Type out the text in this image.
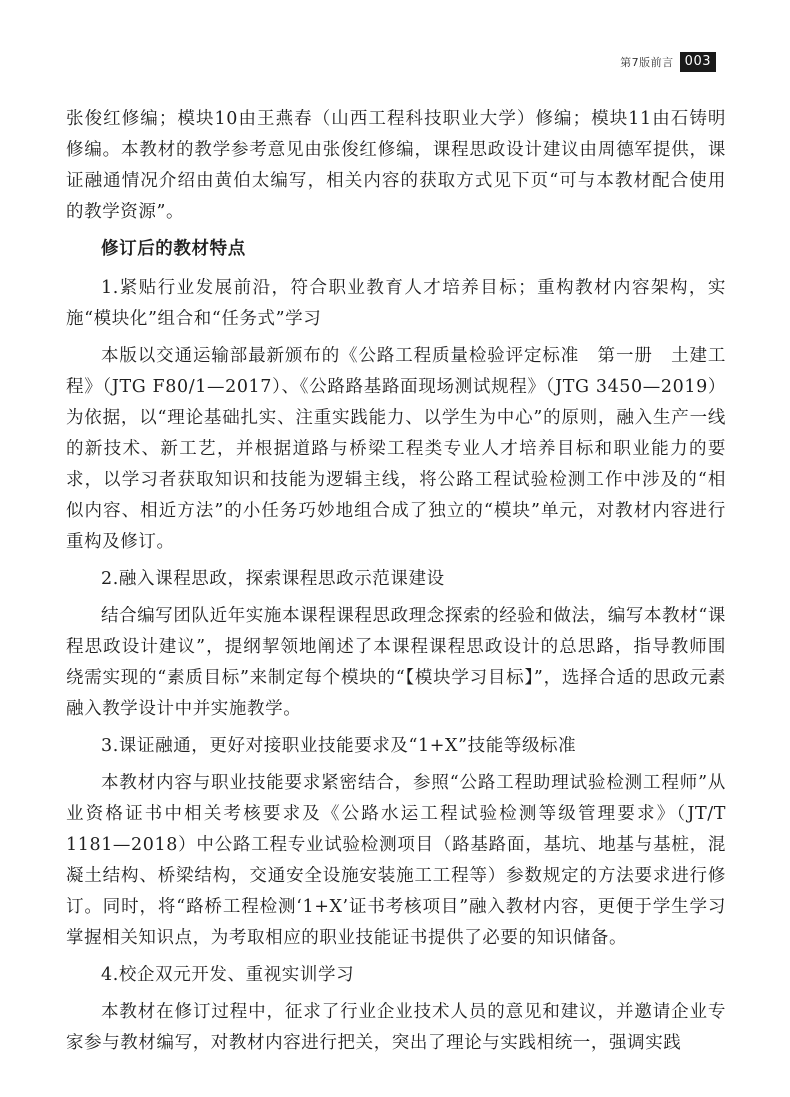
第7版前言 003

张俊红修编；模块10由王燕春（山西工程科技职业大学）修编；模块11由石铸明修编。本教材的教学参考意见由张俊红修编，课程思政设计建议由周德军提供，课证融通情况介绍由黄伯太编写，相关内容的获取方式见下页“可与本教材配合使用的教学资源”。

修订后的教材特点

1.紧贴行业发展前沿，符合职业教育人才培养目标；重构教材内容架构，实施“模块化”组合和“任务式”学习

本版以交通运输部最新颁布的《公路工程质量检验评定标准　第一册　土建工程》（JTG F80/1—2017）、《公路路基路面现场测试规程》（JTG 3450—2019）为依据，以“理论基础扎实、注重实践能力、以学生为中心”的原则，融入生产一线的新技术、新工艺，并根据道路与桥梁工程类专业人才培养目标和职业能力的要求，以学习者获取知识和技能为逻辑主线，将公路工程试验检测工作中涉及的“相似内容、相近方法”的小任务巧妙地组合成了独立的“模块”单元，对教材内容进行重构及修订。

2.融入课程思政，探索课程思政示范课建设

结合编写团队近年实施本课程课程思政理念探索的经验和做法，编写本教材“课程思政设计建议”，提纲挈领地阐述了本课程课程思政设计的总思路，指导教师围绕需实现的“素质目标”来制定每个模块的“【模块学习目标】”，选择合适的思政元素融入教学设计中并实施教学。

3.课证融通，更好对接职业技能要求及“1+X”技能等级标准

本教材内容与职业技能要求紧密结合，参照“公路工程助理试验检测工程师”从业资格证书中相关考核要求及《公路水运工程试验检测等级管理要求》（JT/T 1181—2018）中公路工程专业试验检测项目（路基路面，基坑、地基与基桩，混凝土结构、桥梁结构，交通安全设施安装施工工程等）参数规定的方法要求进行修订。同时，将“路桥工程检测‘1+X’证书考核项目”融入教材内容，更便于学生学习掌握相关知识点，为考取相应的职业技能证书提供了必要的知识储备。

4.校企双元开发、重视实训学习

本教材在修订过程中，征求了行业企业技术人员的意见和建议，并邀请企业专家参与教材编写，对教材内容进行把关，突出了理论与实践相统一，强调实践
